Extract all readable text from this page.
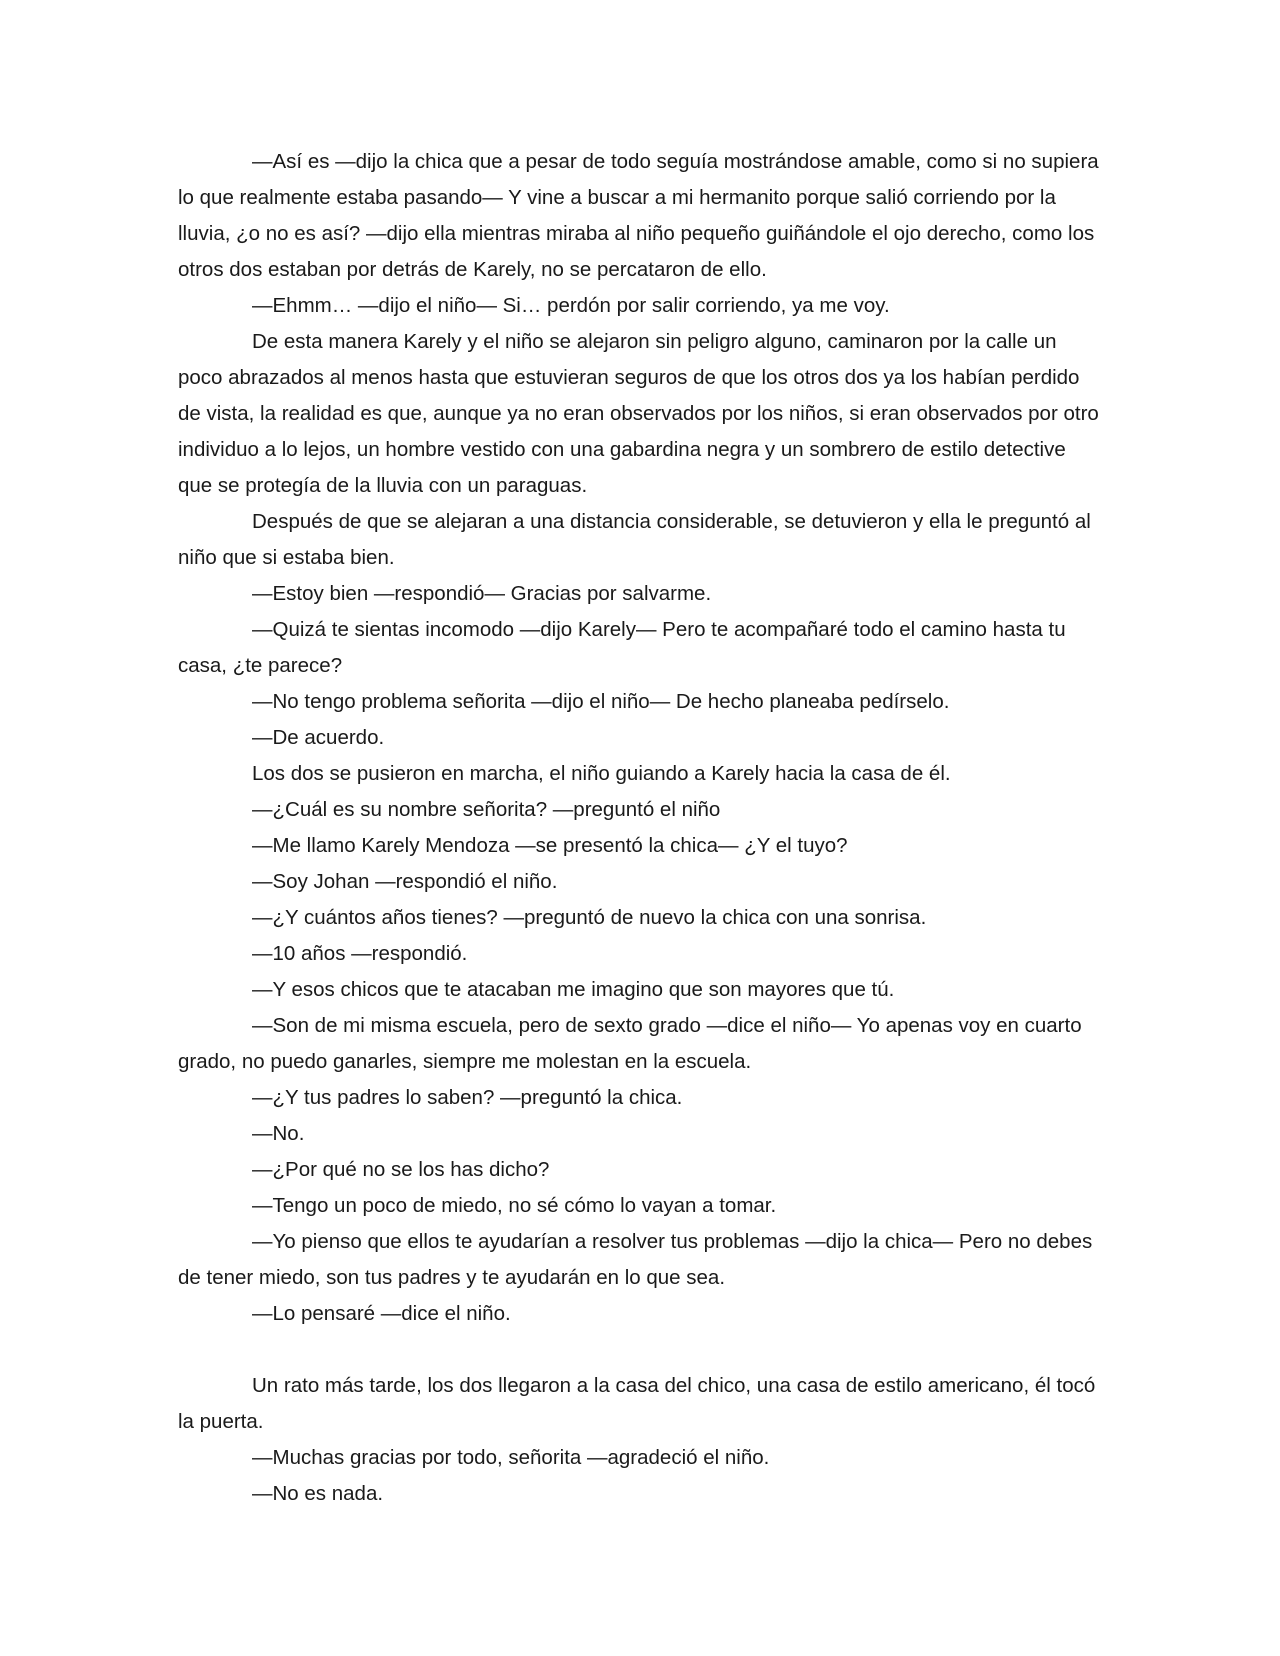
—Así es —dijo la chica que a pesar de todo seguía mostrándose amable, como si no supiera lo que realmente estaba pasando— Y vine a buscar a mi hermanito porque salió corriendo por la lluvia, ¿o no es así? —dijo ella mientras miraba al niño pequeño guiñándole el ojo derecho, como los otros dos estaban por detrás de Karely, no se percataron de ello.

—Ehmm… —dijo el niño— Si… perdón por salir corriendo, ya me voy.

De esta manera Karely y el niño se alejaron sin peligro alguno, caminaron por la calle un poco abrazados al menos hasta que estuvieran seguros de que los otros dos ya los habían perdido de vista, la realidad es que, aunque ya no eran observados por los niños, si eran observados por otro individuo a lo lejos, un hombre vestido con una gabardina negra y un sombrero de estilo detective que se protegía de la lluvia con un paraguas.

Después de que se alejaran a una distancia considerable, se detuvieron y ella le preguntó al niño que si estaba bien.

—Estoy bien —respondió— Gracias por salvarme.

—Quizá te sientas incomodo —dijo Karely— Pero te acompañaré todo el camino hasta tu casa, ¿te parece?

—No tengo problema señorita —dijo el niño— De hecho planeaba pedírselo.

—De acuerdo.

Los dos se pusieron en marcha, el niño guiando a Karely hacia la casa de él.

—¿Cuál es su nombre señorita? —preguntó el niño

—Me llamo Karely Mendoza —se presentó la chica— ¿Y el tuyo?

—Soy Johan —respondió el niño.

—¿Y cuántos años tienes? —preguntó de nuevo la chica con una sonrisa.

—10 años —respondió.

—Y esos chicos que te atacaban me imagino que son mayores que tú.

—Son de mi misma escuela, pero de sexto grado —dice el niño— Yo apenas voy en cuarto grado, no puedo ganarles, siempre me molestan en la escuela.

—¿Y tus padres lo saben? —preguntó la chica.

—No.

—¿Por qué no se los has dicho?

—Tengo un poco de miedo, no sé cómo lo vayan a tomar.

—Yo pienso que ellos te ayudarían a resolver tus problemas —dijo la chica— Pero no debes de tener miedo, son tus padres y te ayudarán en lo que sea.

—Lo pensaré —dice el niño.

Un rato más tarde, los dos llegaron a la casa del chico, una casa de estilo americano, él tocó la puerta.

—Muchas gracias por todo, señorita —agradeció el niño.

—No es nada.
